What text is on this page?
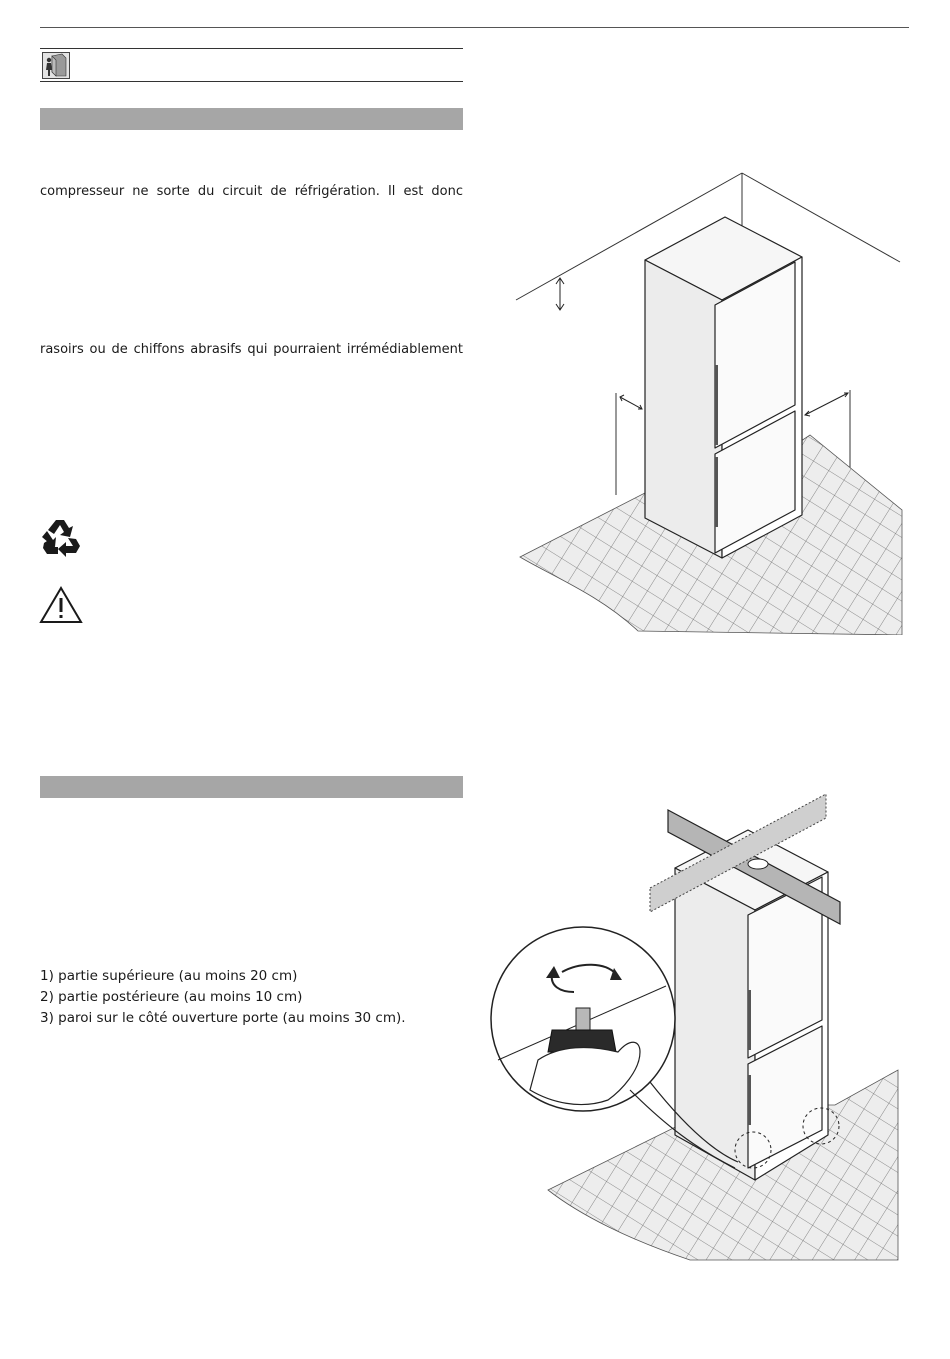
compresseur ne sorte du circuit de réfrigération. Il est donc
rasoirs ou de chiffons abrasifs qui pourraient irrémédiablement
1) partie supérieure (au moins 20 cm)
2) partie postérieure (au moins 10 cm)
3) paroi sur le côté ouverture porte (au moins 30 cm).
